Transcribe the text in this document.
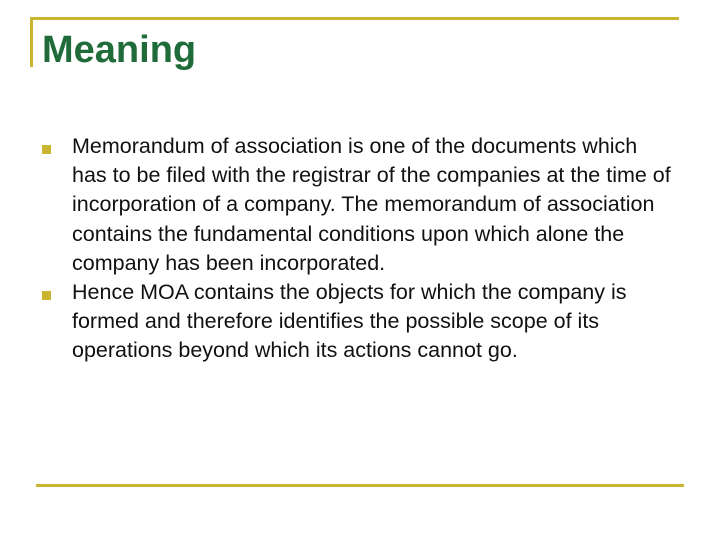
Meaning
Memorandum of association is one of the documents which has to be filed with the registrar of the companies at the time of incorporation of a company. The memorandum of association contains the fundamental conditions upon which alone the company has been incorporated.
Hence MOA contains the objects for which the company is formed and therefore identifies the possible scope of its operations beyond which its actions cannot go.
